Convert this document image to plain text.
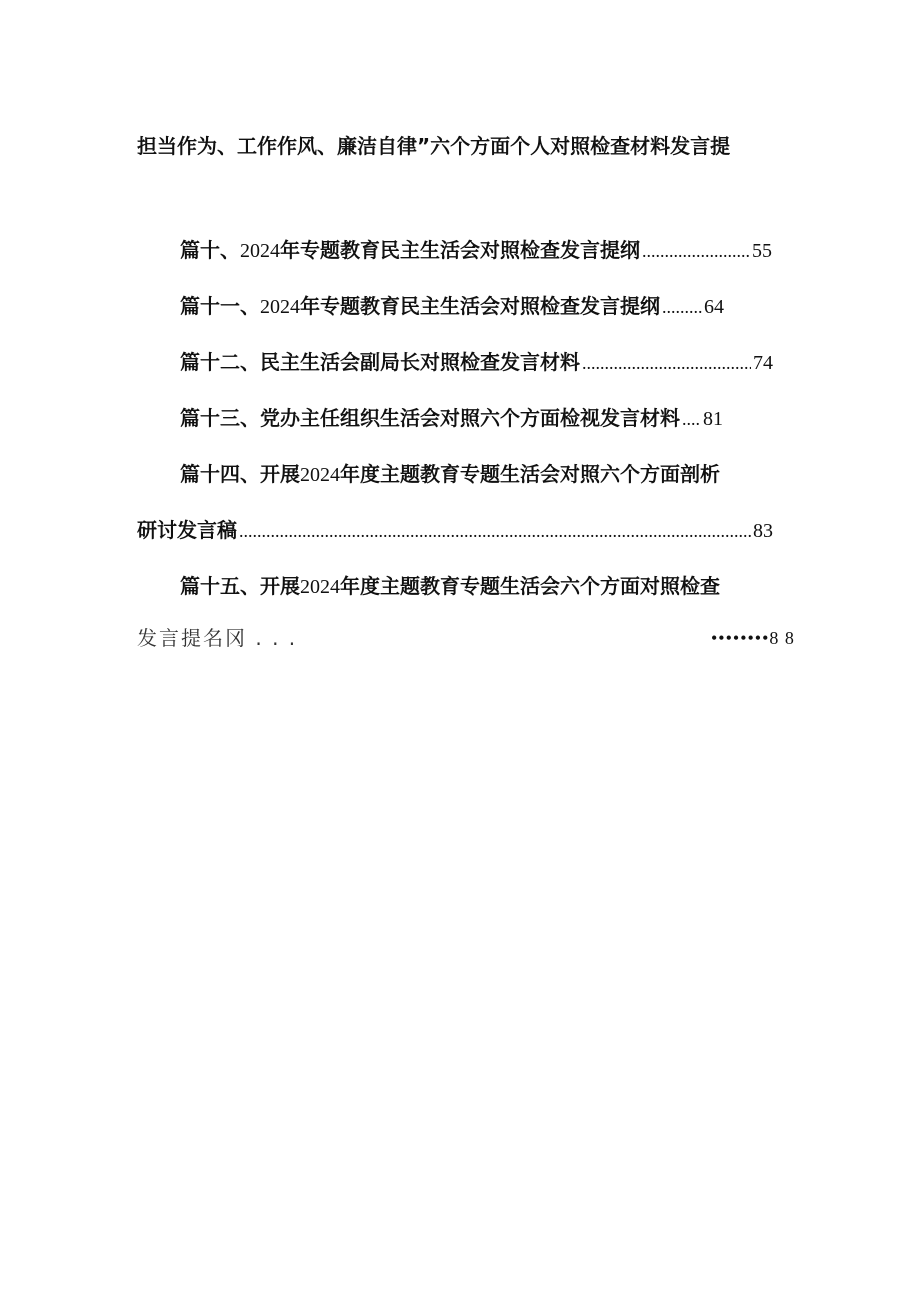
担当作为、工作作风、廉洁自律”六个方面个人对照检查材料发言提
篇十、2024年专题教育民主生活会对照检查发言提纲 .....	55
篇十一、2024年专题教育民主生活会对照检查发言提纲 ..... 64
篇十二、民主生活会副局长对照检查发言材料 .....	74
篇十三、党办主任组织生活会对照六个方面检视发言材料 ..... 81
篇十四、开展2024年度主题教育专题生活会对照六个方面剖析
研讨发言稿 .....	83
篇十五、开展2024年度主题教育专题生活会六个方面对照检查
发言提名冈 . . .	••••••••8 8
